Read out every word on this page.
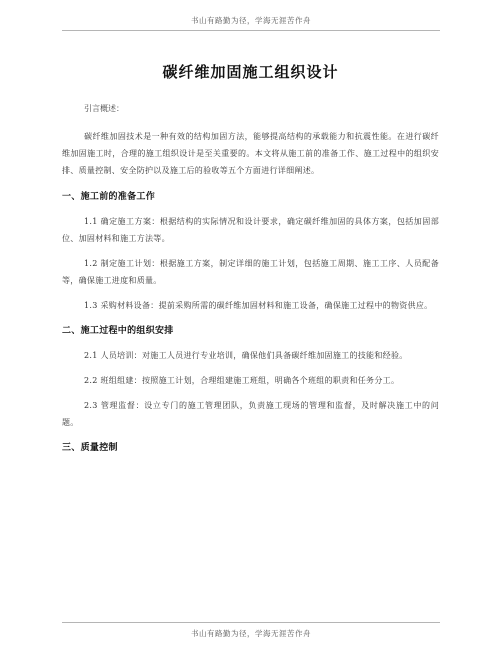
书山有路勤为径，学海无涯苦作舟
碳纤维加固施工组织设计

引言概述：

碳纤维加固技术是一种有效的结构加固方法，能够提高结构的承载能力和抗震性能。在进行碳纤维加固施工时，合理的施工组织设计是至关重要的。本文将从施工前的准备工作、施工过程中的组织安排、质量控制、安全防护以及施工后的验收等五个方面进行详细阐述。

一、施工前的准备工作

1.1 确定施工方案：根据结构的实际情况和设计要求，确定碳纤维加固的具体方案，包括加固部位、加固材料和施工方法等。

1.2 制定施工计划：根据施工方案，制定详细的施工计划，包括施工周期、施工工序、人员配备等，确保施工进度和质量。

1.3 采购材料设备：提前采购所需的碳纤维加固材料和施工设备，确保施工过程中的物资供应。

二、施工过程中的组织安排

2.1 人员培训：对施工人员进行专业培训，确保他们具备碳纤维加固施工的技能和经验。

2.2 班组组建：按照施工计划，合理组建施工班组，明确各个班组的职责和任务分工。

2.3 管理监督：设立专门的施工管理团队，负责施工现场的管理和监督，及时解决施工中的问题。

三、质量控制
书山有路勤为径，学海无涯苦作舟
